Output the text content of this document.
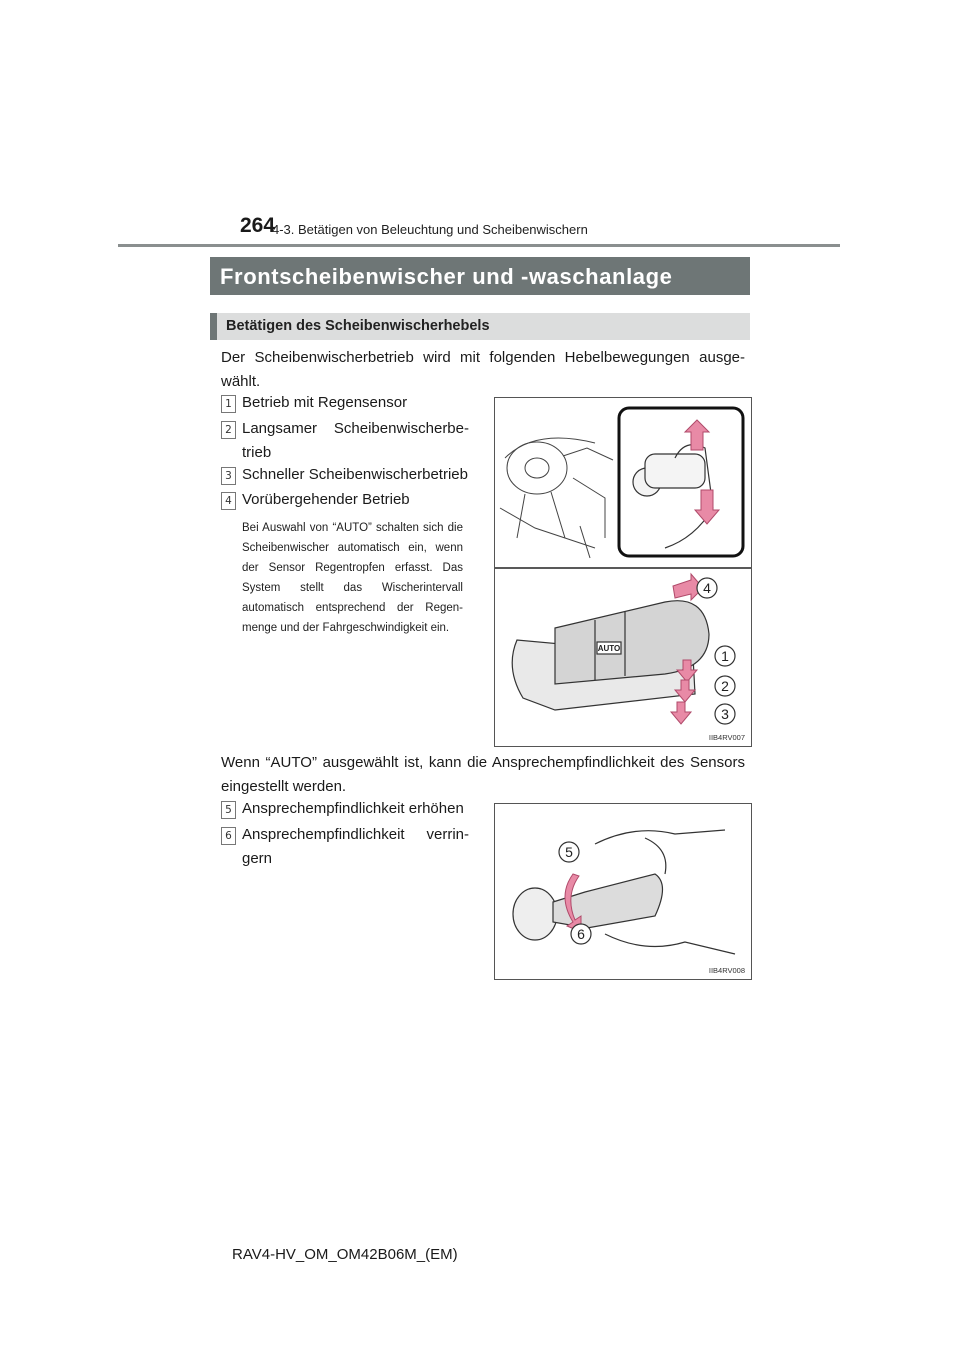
264
4-3. Betätigen von Beleuchtung und Scheibenwischern
Frontscheibenwischer und -waschanlage
Betätigen des Scheibenwischerhebels
Der Scheibenwischerbetrieb wird mit folgenden Hebelbewegungen ausge-wählt.
1 Betrieb mit Regensensor
2 Langsamer Scheibenwischerbe-trieb
3 Schneller Scheibenwischerbetrieb
4 Vorübergehender Betrieb
Bei Auswahl von “AUTO” schalten sich die Scheibenwischer automatisch ein, wenn der Sensor Regentropfen erfasst. Das System stellt das Wischerintervall automatisch entsprechend der Regen-menge und der Fahrgeschwindigkeit ein.
AUTO
4
1
2
3
IIB4RV007
Wenn “AUTO” ausgewählt ist, kann die Ansprechempfindlichkeit des Sensors eingestellt werden.
5 Ansprechempfindlichkeit erhöhen
6 Ansprechempfindlichkeit verrin-gern	5
6
IIB4RV008
RAV4-HV_OM_OM42B06M_(EM)
